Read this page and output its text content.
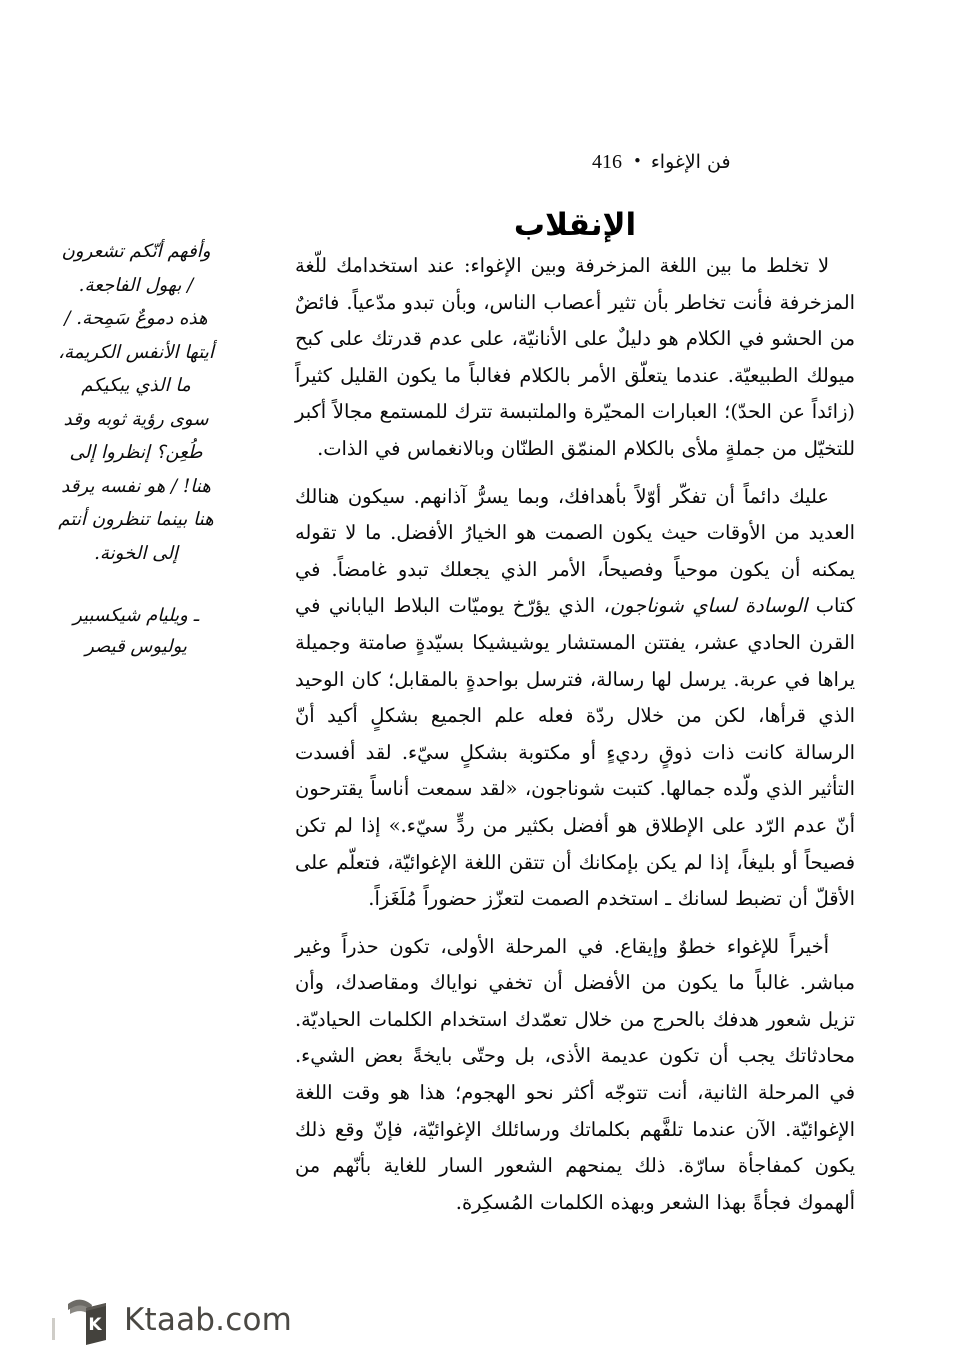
فن الإغواء•416
الإنقلاب

لا تخلط ما بين اللغة المزخرفة وبين الإغواء: عند استخدامك للّغة المزخرفة فأنت تخاطر بأن تثير أعصاب الناس، وبأن تبدو مدّعياً. فائضٌ من الحشو في الكلام هو دليلٌ على الأنانيّة، على عدم قدرتك على كبح ميولك الطبيعيّة. عندما يتعلّق الأمر بالكلام فغالباً ما يكون القليل كثيراً (زائداً عن الحدّ)؛ العبارات المحيّرة والملتبسة تترك للمستمع مجالاً أكبر للتخيّل من جملةٍ ملأى بالكلام المنمّق الطنّان وبالانغماس في الذات.

عليك دائماً أن تفكّر أوّلاً بأهدافك، وبما يسرُّ آذانهم. سيكون هنالك العديد من الأوقات حيث يكون الصمت هو الخيارُ الأفضل. ما لا تقوله يمكنه أن يكون موحياً وفصيحاً، الأمر الذي يجعلك تبدو غامضاً. في كتاب الوسادة لساي شوناجون، الذي يؤرّخ يوميّات البلاط الياباني في القرن الحادي عشر، يفتتن المستشار يوشيشيكا بسيّدةٍ صامتة وجميلة يراها في عربة. يرسل لها رسالة، فترسل بواحدةٍ بالمقابل؛ كان الوحيد الذي قرأها، لكن من خلال ردّة فعله علم الجميع بشكلٍ أكيد أنّ الرسالة كانت ذات ذوقٍ رديءٍ أو مكتوبة بشكلٍ سيّء. لقد أفسدت التأثير الذي ولّده جمالها. كتبت شوناجون، «لقد سمعت أناساً يقترحون أنّ عدم الرّد على الإطلاق هو أفضل بكثير من ردٍّ سيّء.» إذا لم تكن فصيحاً أو بليغاً، إذا لم يكن بإمكانك أن تتقن اللغة الإغوائيّة، فتعلّم على الأقلّ أن تضبط لسانك ـ استخدم الصمت لتعزّز حضوراً مُلَغَزاً.

أخيراً للإغواء خطوٌ وإيقاع. في المرحلة الأولى، تكون حذراً وغير مباشر. غالباً ما يكون من الأفضل أن تخفي نواياك ومقاصدك، وأن تزيل شعور هدفك بالحرج من خلال تعمّدك استخدام الكلمات الحياديّة. محادثاتك يجب أن تكون عديمة الأذى، بل وحتّى بايخةً بعض الشيء. في المرحلة الثانية، أنت تتوجّه أكثر نحو الهجوم؛ هذا هو وقت اللغة الإغوائيّة. الآن عندما تلفَّهم بكلماتك ورسائلك الإغوائيّة، فإنّ وقع ذلك يكون كمفاجأة سارّة. ذلك يمنحهم الشعور السار للغاية بأنّهم من ألهموك فجأةً بهذا الشعر وبهذه الكلمات المُسكِرة.

وأفهم أنّكم تشعرون
/ بهول الفاجعة.
هذه دموعٌ سَمِحة. /
أيتها الأنفس الكريمة،
ما الذي يبكيكم
سوى رؤية ثوبه وقد
طُعِن؟ إنظروا إلى
هنا! / هو نفسه يرقد
هنا بينما تنظرون أنتم
إلى الخونة.
ـ ويليام شيكسبير
يوليوس قيصر
K Ktaab.com
